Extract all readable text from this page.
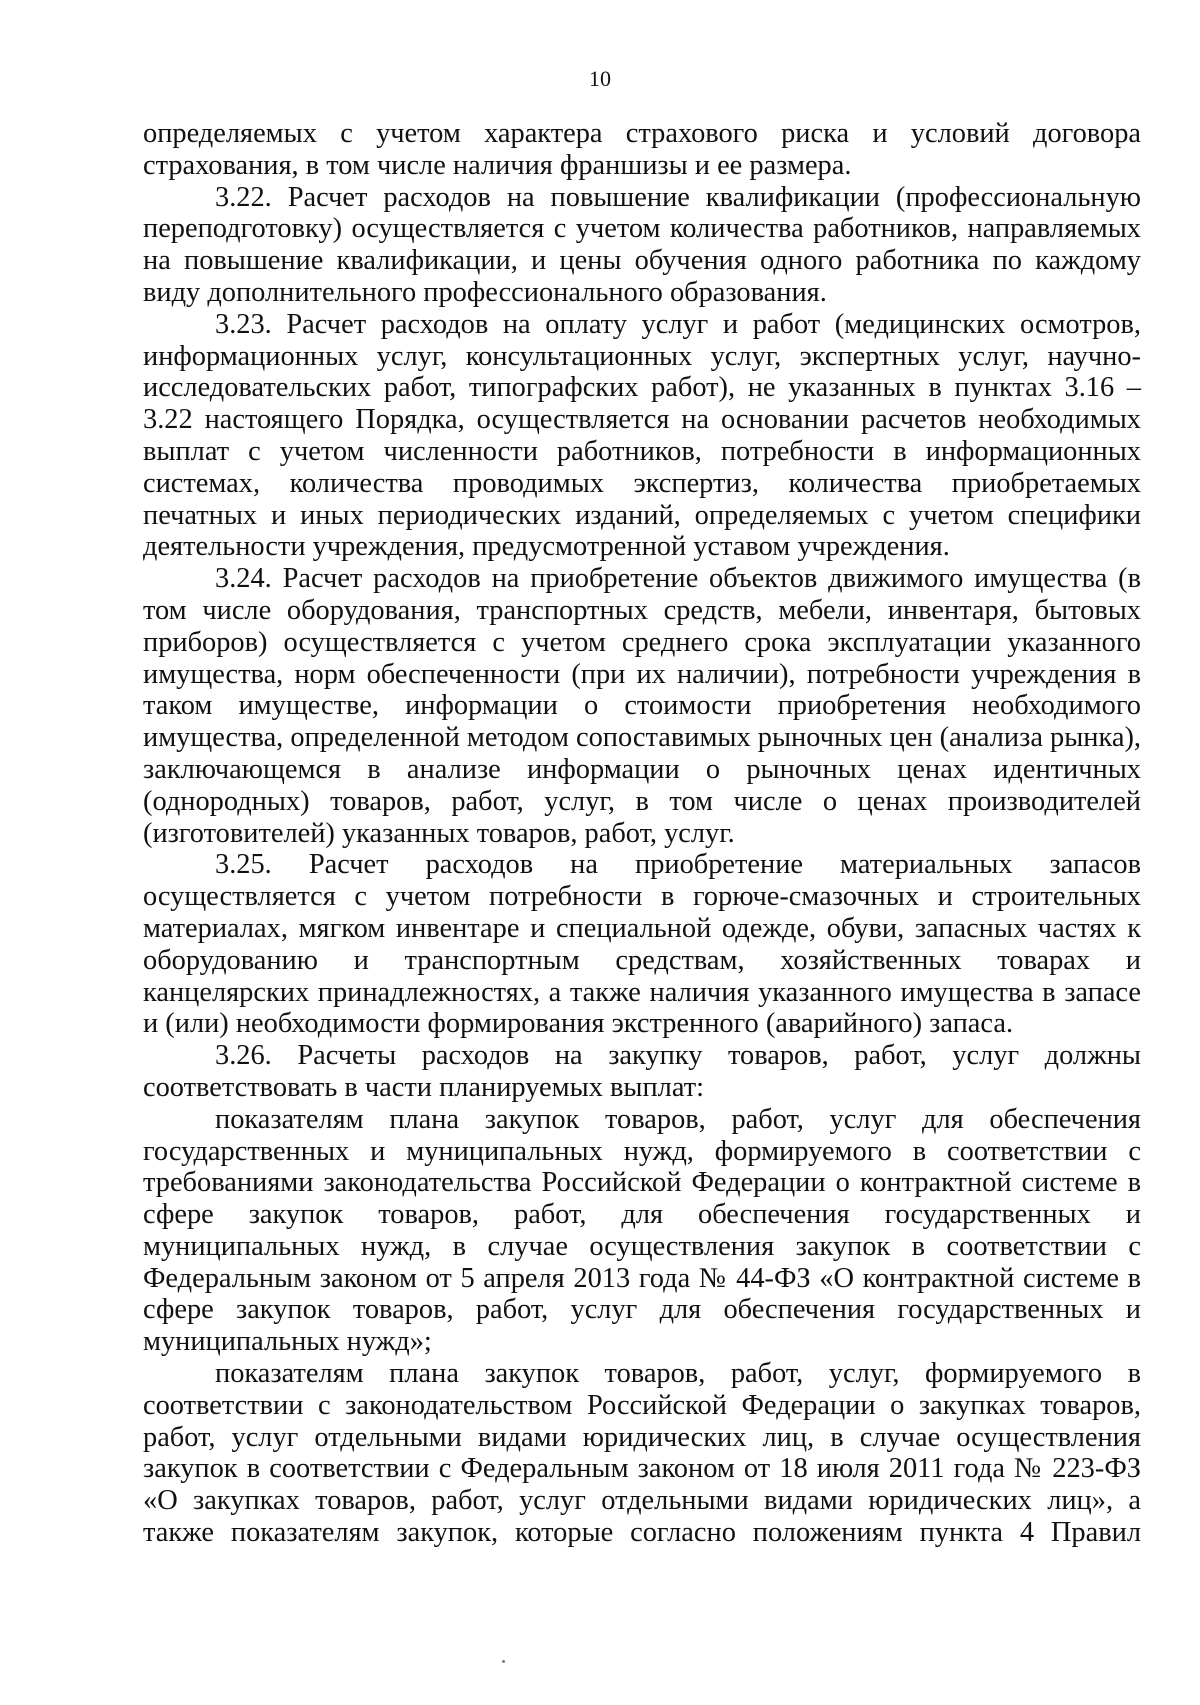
10

определяемых с учетом характера страхового риска и условий договора страхования, в том числе наличия франшизы и ее размера.

3.22. Расчет расходов на повышение квалификации (профессиональную переподготовку) осуществляется с учетом количества работников, направляемых на повышение квалификации, и цены обучения одного работника по каждому виду дополнительного профессионального образования.

3.23. Расчет расходов на оплату услуг и работ (медицинских осмотров, информационных услуг, консультационных услуг, экспертных услуг, научно-исследовательских работ, типографских работ), не указанных в пунктах 3.16 – 3.22 настоящего Порядка, осуществляется на основании расчетов необходимых выплат с учетом численности работников, потребности в информационных системах, количества проводимых экспертиз, количества приобретаемых печатных и иных периодических изданий, определяемых с учетом специфики деятельности учреждения, предусмотренной уставом учреждения.

3.24. Расчет расходов на приобретение объектов движимого имущества (в том числе оборудования, транспортных средств, мебели, инвентаря, бытовых приборов) осуществляется с учетом среднего срока эксплуатации указанного имущества, норм обеспеченности (при их наличии), потребности учреждения в таком имуществе, информации о стоимости приобретения необходимого имущества, определенной методом сопоставимых рыночных цен (анализа рынка), заключающемся в анализе информации о рыночных ценах идентичных (однородных) товаров, работ, услуг, в том числе о ценах производителей (изготовителей) указанных товаров, работ, услуг.

3.25. Расчет расходов на приобретение материальных запасов осуществляется с учетом потребности в горюче-смазочных и строительных материалах, мягком инвентаре и специальной одежде, обуви, запасных частях к оборудованию и транспортным средствам, хозяйственных товарах и канцелярских принадлежностях, а также наличия указанного имущества в запасе и (или) необходимости формирования экстренного (аварийного) запаса.

3.26. Расчеты расходов на закупку товаров, работ, услуг должны соответствовать в части планируемых выплат:

показателям плана закупок товаров, работ, услуг для обеспечения государственных и муниципальных нужд, формируемого в соответствии с требованиями законодательства Российской Федерации о контрактной системе в сфере закупок товаров, работ, для обеспечения государственных и муниципальных нужд, в случае осуществления закупок в соответствии с Федеральным законом от 5 апреля 2013 года № 44-ФЗ «О контрактной системе в сфере закупок товаров, работ, услуг для обеспечения государственных и муниципальных нужд»;

показателям плана закупок товаров, работ, услуг, формируемого в соответствии с законодательством Российской Федерации о закупках товаров, работ, услуг отдельными видами юридических лиц, в случае осуществления закупок в соответствии с Федеральным законом от 18 июля 2011 года № 223-ФЗ «О закупках товаров, работ, услуг отдельными видами юридических лиц», а также показателям закупок, которые согласно положениям пункта 4 Правил
